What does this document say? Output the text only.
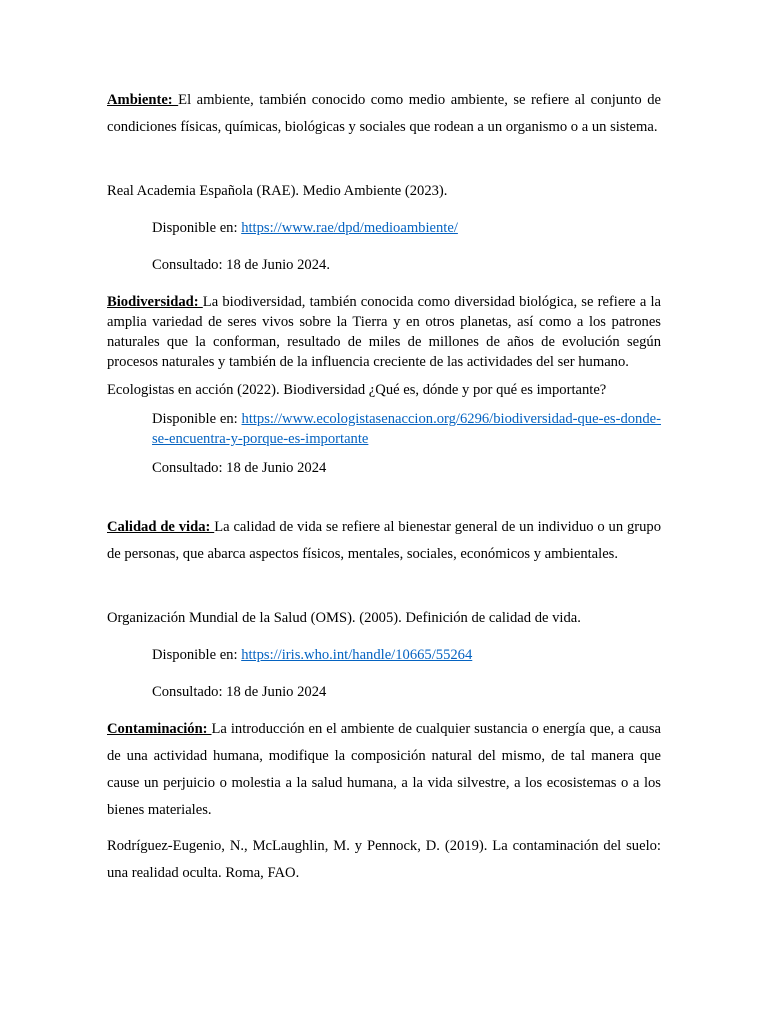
Ambiente: El ambiente, también conocido como medio ambiente, se refiere al conjunto de condiciones físicas, químicas, biológicas y sociales que rodean a un organismo o a un sistema.

Real Academia Española (RAE). Medio Ambiente (2023).

Disponible en: https://www.rae/dpd/medioambiente/

Consultado: 18 de Junio 2024.

Biodiversidad: La biodiversidad, también conocida como diversidad biológica, se refiere a la amplia variedad de seres vivos sobre la Tierra y en otros planetas, así como a los patrones naturales que la conforman, resultado de miles de millones de años de evolución según procesos naturales y también de la influencia creciente de las actividades del ser humano.

Ecologistas en acción (2022). Biodiversidad ¿Qué es, dónde y por qué es importante?

Disponible en: https://www.ecologistasenaccion.org/6296/biodiversidad-que-es-donde-se-encuentra-y-porque-es-importante

Consultado: 18 de Junio 2024

Calidad de vida: La calidad de vida se refiere al bienestar general de un individuo o un grupo de personas, que abarca aspectos físicos, mentales, sociales, económicos y ambientales.

Organización Mundial de la Salud (OMS). (2005). Definición de calidad de vida.

Disponible en: https://iris.who.int/handle/10665/55264

Consultado: 18 de Junio 2024

Contaminación: La introducción en el ambiente de cualquier sustancia o energía que, a causa de una actividad humana, modifique la composición natural del mismo, de tal manera que cause un perjuicio o molestia a la salud humana, a la vida silvestre, a los ecosistemas o a los bienes materiales.

Rodríguez-Eugenio, N., McLaughlin, M. y Pennock, D. (2019). La contaminación del suelo: una realidad oculta. Roma, FAO.
